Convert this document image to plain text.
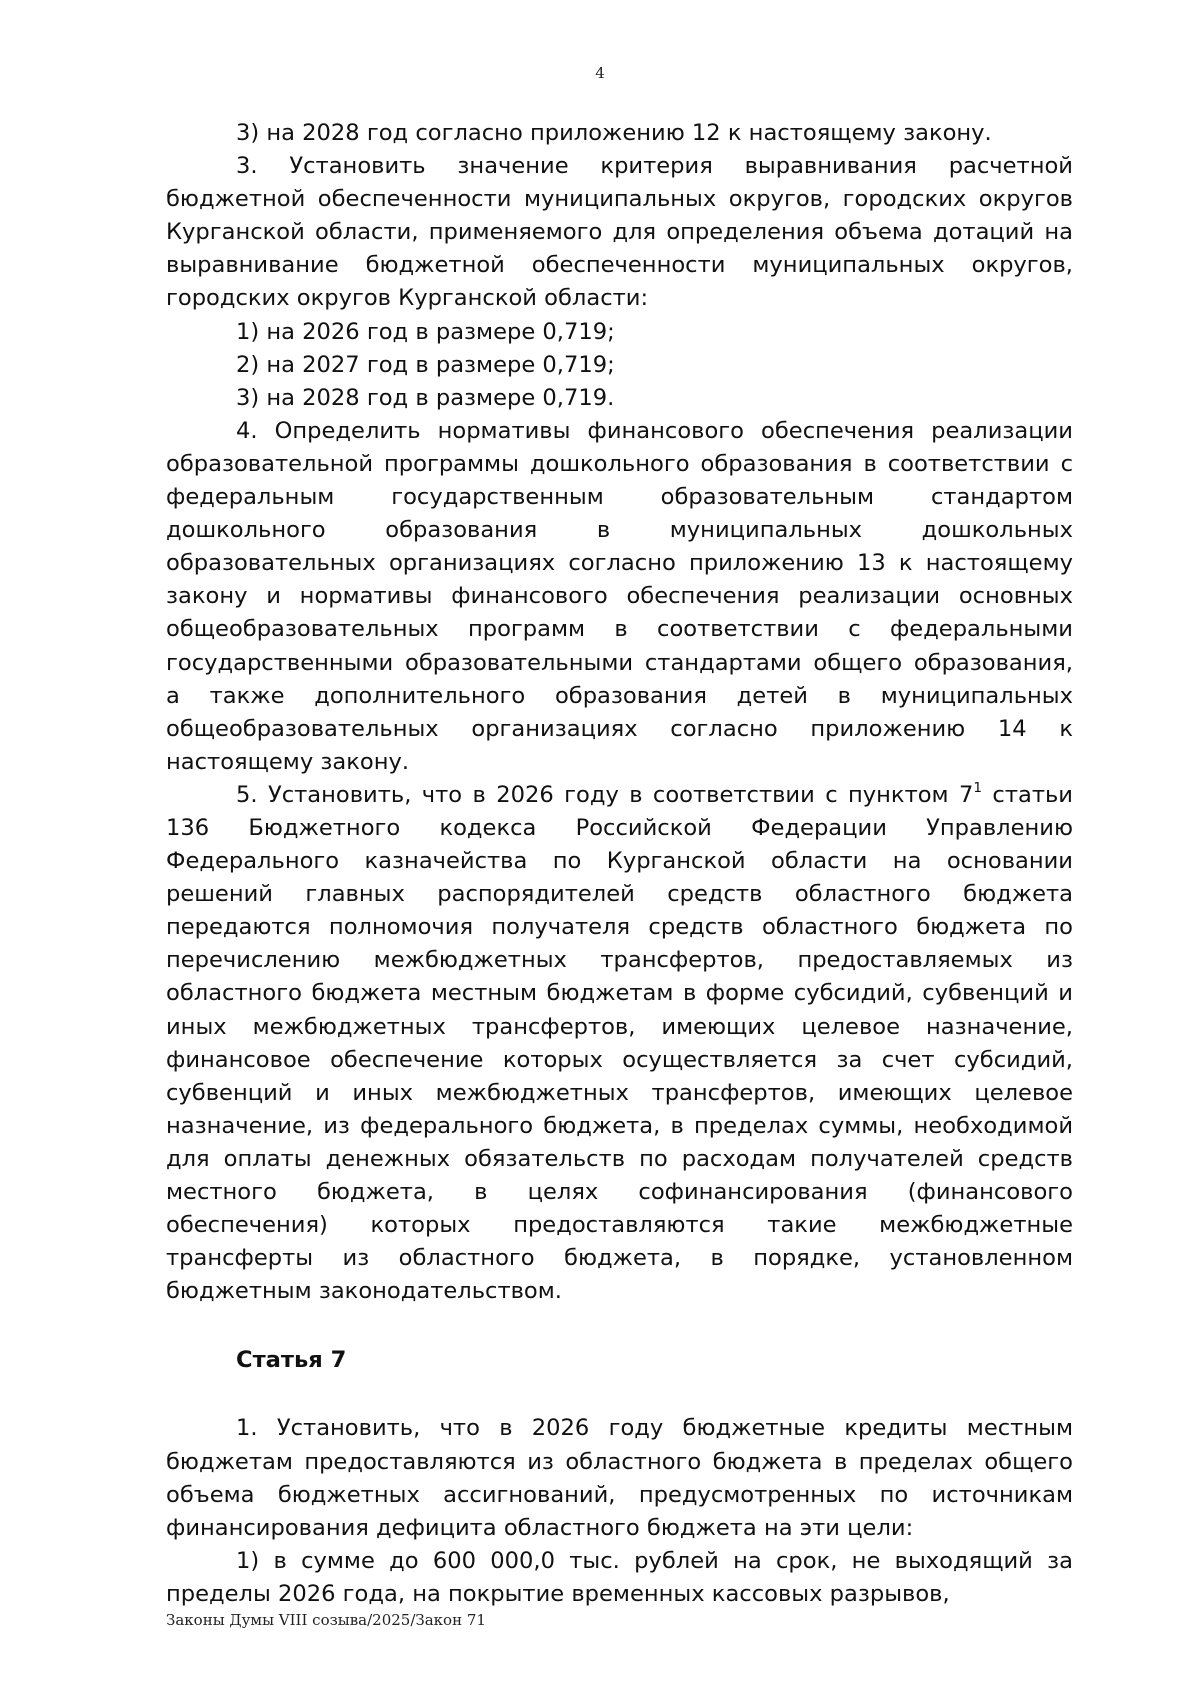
4

3) на 2028 год согласно приложению 12 к настоящему закону.

3. Установить значение критерия выравнивания расчетной бюджетной обеспеченности муниципальных округов, городских округов Курганской области, применяемого для определения объема дотаций на выравнивание бюджетной обеспеченности муниципальных округов, городских округов Курганской области:

1) на 2026 год в размере 0,719;

2) на 2027 год в размере 0,719;

3) на 2028 год в размере 0,719.

4. Определить нормативы финансового обеспечения реализации образовательной программы дошкольного образования в соответствии с федеральным государственным образовательным стандартом дошкольного образования в муниципальных дошкольных образовательных организациях согласно приложению 13 к настоящему закону и нормативы финансового обеспечения реализации основных общеобразовательных программ в соответствии с федеральными государственными образовательными стандартами общего образования, а также дополнительного образования детей в муниципальных общеобразовательных организациях согласно приложению 14 к настоящему закону.

5. Установить, что в 2026 году в соответствии с пунктом $7^1$ статьи 136 Бюджетного кодекса Российской Федерации Управлению Федерального казначейства по Курганской области на основании решений главных распорядителей средств областного бюджета передаются полномочия получателя средств областного бюджета по перечислению межбюджетных трансфертов, предоставляемых из областного бюджета местным бюджетам в форме субсидий, субвенций и иных межбюджетных трансфертов, имеющих целевое назначение, финансовое обеспечение которых осуществляется за счет субсидий, субвенций и иных межбюджетных трансфертов, имеющих целевое назначение, из федерального бюджета, в пределах суммы, необходимой для оплаты денежных обязательств по расходам получателей средств местного бюджета, в целях софинансирования (финансового обеспечения) которых предоставляются такие межбюджетные трансферты из областного бюджета, в порядке, установленном бюджетным законодательством.

Статья 7

1. Установить, что в 2026 году бюджетные кредиты местным бюджетам предоставляются из областного бюджета в пределах общего объема бюджетных ассигнований, предусмотренных по источникам финансирования дефицита областного бюджета на эти цели:

1) в сумме до 600 000,0 тыс. рублей на срок, не выходящий за пределы 2026 года, на покрытие временных кассовых разрывов,

Законы Думы VIII созыва/2025/Закон 71
